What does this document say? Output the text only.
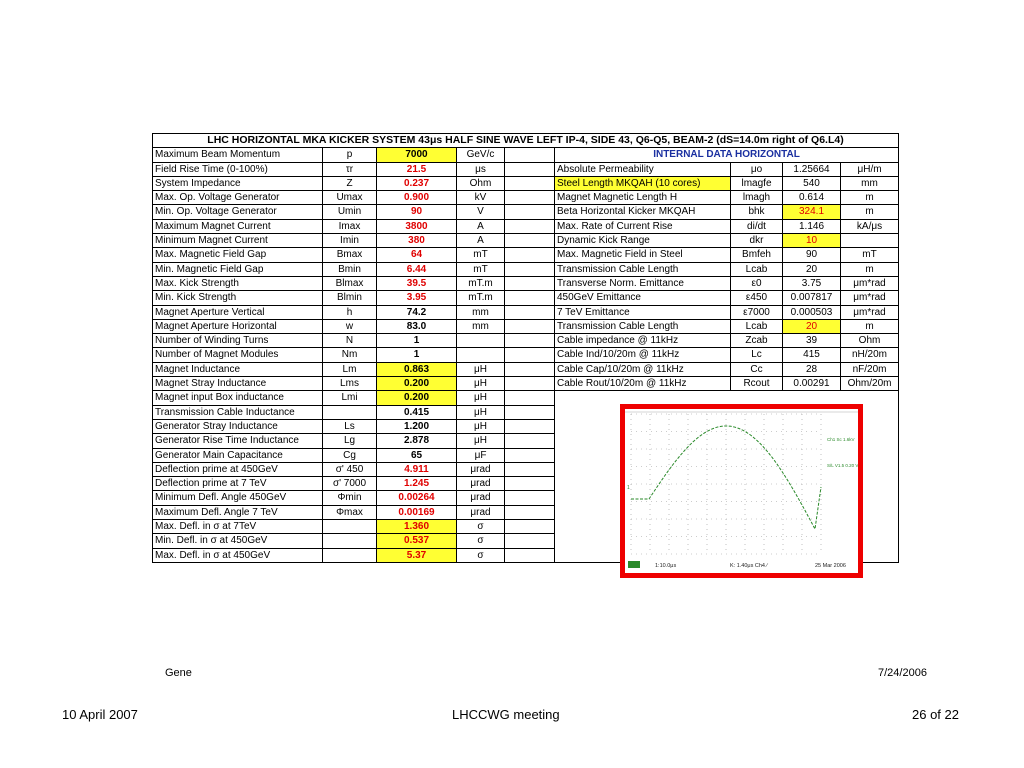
LHC HORIZONTAL MKA KICKER SYSTEM 43μs HALF SINE WAVE LEFT IP-4, SIDE 43, Q6-Q5, BEAM-2 (dS=14.0m right of Q6.L4)								
Maximum Beam Momentum	p	7000	GeV/c		INTERNAL DATA HORIZONTAL			
Field Rise Time (0-100%)	τr	21.5	μs		Absolute Permeability	μo	1.25664	μH/m
System Impedance	Z	0.237	Ohm		Steel Length MKQAH (10 cores)	lmagfe	540	mm
Max. Op. Voltage Generator	Umax	0.900	kV		Magnet Magnetic Length H	lmagh	0.614	m
Min. Op. Voltage Generator	Umin	90	V		Beta Horizontal Kicker MKQAH	bhk	324.1	m
Maximum Magnet Current	Imax	3800	A		Max. Rate of Current Rise	di/dt	1.146	kA/μs
Minimum Magnet Current	Imin	380	A		Dynamic Kick Range	dkr	10	
Max. Magnetic Field Gap	Bmax	64	mT		Max. Magnetic Field in Steel	Bmfeh	90	mT
Min. Magnetic Field Gap	Bmin	6.44	mT		Transmission Cable Length	Lcab	20	m
Max. Kick Strength	Blmax	39.5	mT.m		Transverse Norm. Emittance	ε0	3.75	μm*rad
Min. Kick Strength	Blmin	3.95	mT.m		450GeV Emittance	ε450	0.007817	μm*rad
Magnet Aperture Vertical	h	74.2	mm		7 TeV Emittance	ε7000	0.000503	μm*rad
Magnet Aperture Horizontal	w	83.0	mm		Transmission Cable Length	Lcab	20	m
Number of Winding Turns	N	1			Cable impedance @ 11kHz	Zcab	39	Ohm
Number of Magnet Modules	Nm	1			Cable Ind/10/20m @ 11kHz	Lc	415	nH/20m
Magnet Inductance	Lm	0.863	μH		Cable Cap/10/20m @ 11kHz	Cc	28	nF/20m
Magnet Stray Inductance	Lms	0.200	μH		Cable Rout/10/20m @ 11kHz	Rcout	0.00291	Ohm/20m
Magnet input Box inductance	Lmi	0.200	μH					
Transmission Cable Inductance		0.415	μH					
Generator Stray Inductance	Ls	1.200	μH					
Generator Rise Time Inductance	Lg	2.878	μH					
Generator Main Capacitance	Cg	65	μF					
Deflection prime at 450GeV	σ' 450	4.911	μrad					
Deflection prime at 7 TeV	σ' 7000	1.245	μrad					
Minimum Defl. Angle 450GeV	Φmin	0.00264	μrad					
Maximum Defl. Angle 7 TeV	Φmax	0.00169	μrad					
Max. Defl. in σ at 7TeV		1.360	σ					
Min. Defl. in σ at 450GeV		0.537	σ					
Max. Defl. in σ at 450GeV		5.37	σ					
Ch1 Sc 1.6kV
S/L V1.5 0.20 V
1
1:10.0μs	K: 1.40μs Ch4 ∕	25 Mar 2006
Gene	7/24/2006
10 April 2007	LHCCWG meeting	26 of 22
